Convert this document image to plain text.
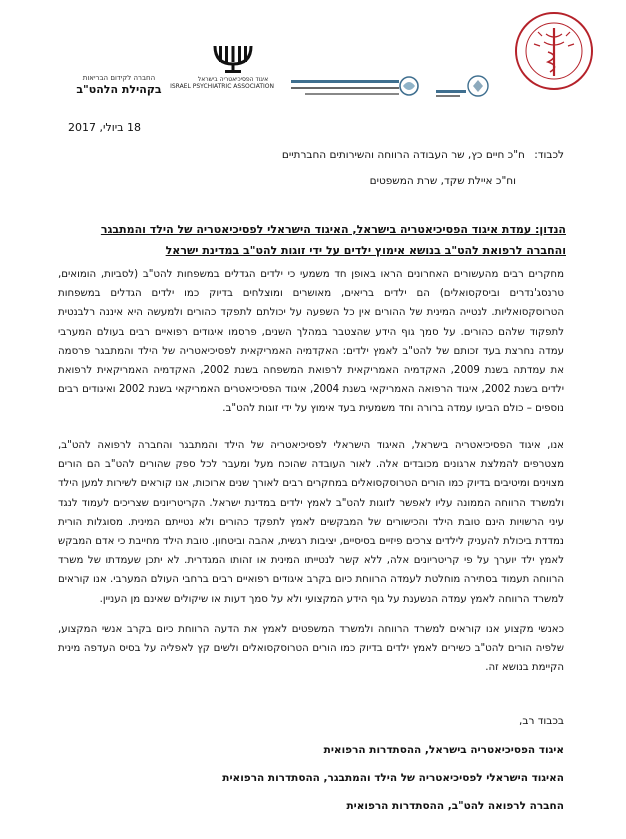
איגוד הפסיכיאטריה בישראל
ISRAEL PSYCHIATRIC ASSOCIATION
החברה לקידום הבריאות
בקהילת הלהט"ב
18 ביולי, 2017
לכבוד: ח"כ חיים כץ, שר העבודה הרווחה והשירותים החברתיים
וח"כ איילת שקד, שרת המשפטים
הנדון: עמדת איגוד הפסיכיאטריה בישראל, האיגוד הישראלי לפסיכיאטריה של הילד והמתבגר
והחברה לרפואת להט"ב בנושא אימוץ ילדים על ידי זוגות להט"ב במדינת ישראל
מחקרים רבים מהעשורים האחרונים הראו באופן חד משמעי כי ילדים הגדלים במשפחות להט"ב (לסביות, הומואים, טרנסג'נדרים וביסקסואלים) הם ילדים בריאים, מאושרים ומוצלחים בדיוק כמו ילדים הגדלים במשפחות הטרוסקסואליות. לנטייה המינית של ההורים אין כל השפעה על יכולתם לתפקד כהורים ולמעשה היא איננה רלבנטית לתפקוד שלהם כהורים. על סמך גוף הידע שהצטבר במהלך השנים, פרסמו איגודים רפואיים רבים בעולם המערבי עמדה נחרצת בעד זכותם של להט"ב לאמץ ילדים: האקדמיה האמריקאית לפסיכיאטריה של הילד והמתבגר פרסמה את עמדתה בשנת 2009, האקדמיה האמריקאית לרפואת המשפחה בשנת 2002, האקדמיה האמריקאית לרפואת ילדים בשנת 2002, איגוד הרפואה האמריקאי בשנת 2004, איגוד הפסיכיאטרים האמריקאי בשנת 2002 ואיגודים רבים נוספים – כולם הביעו עמדה ברורה וחד משמעית בעד אימוץ על ידי זוגות להט"ב.
אנו, איגוד הפסיכיאטריה בישראל, האיגוד הישראלי לפסיכיאטריה של הילד והמתבגר והחברה לרפואה להט"ב, מצטרפים להמלצת ארגונים מכובדים אלה. לאור העובדה שהוכח מעל ומעבר לכל ספק שהורים להט"ב הם הורים מצוינים ומיטיבים בדיוק כמו הורים הטרוסקסואלים במחקרים רבים לאורך שנים ארוכות, אנו קוראים לשירות למען הילד ולמשרד הרווחה הממונה עליו לאפשר לזוגות להט"ב לאמץ ילדים במדינת ישראל. הקריטריונים שצריכים לעמוד לנגד עיני הרשויות הינם טובת הילד והכישורים של המבקשים לאמץ לתפקד כהורים ולא נטייתם המינית. מסוגלות הורית נמדדת ביכולת להעניק לילדים צרכים פיזיים בסיסיים, יציבות רגשית, אהבה וביטחון. טובת הילד מחייבת כי אדם המבקש לאמץ ילד יוערך על פי קריטריונים אלה, ללא קשר לנטייתו המינית או זהותו המגדרית. לא יתכן שעמדתו של משרד הרווחה תעמוד בסתירה מוחלטת לעמדה הרווחת כיום בקרב איגודים רפואיים רבים ברחבי העולם המערבי. אנו קוראים למשרד הרווחה לאמץ עמדה הנשענת על גוף הידע המקצועי ולא על סמך דעות או שיקולים שאינם מן העניין.
כאנשי מקצוע אנו קוראים למשרד הרווחה ולמשרד המשפטים לאמץ את הדעה הרווחת כיום בקרב אנשי המקצוע, שלפיה הורים להט"ב כשירים לאמץ ילדים בדיוק כמו הורים הטרוסקסואלים ולשים קץ לאפליה על בסיס העדפה מינית הקיימת בנושא זה.
בכבוד רב,
איגוד הפסיכיאטריה בישראל, ההסתדרות הרפואית
האיגוד הישראלי לפסיכיאטריה של הילד והמתבגר, ההסתדרות הרפואית
החברה לרפואה להט"ב, ההסתדרות הרפואית
